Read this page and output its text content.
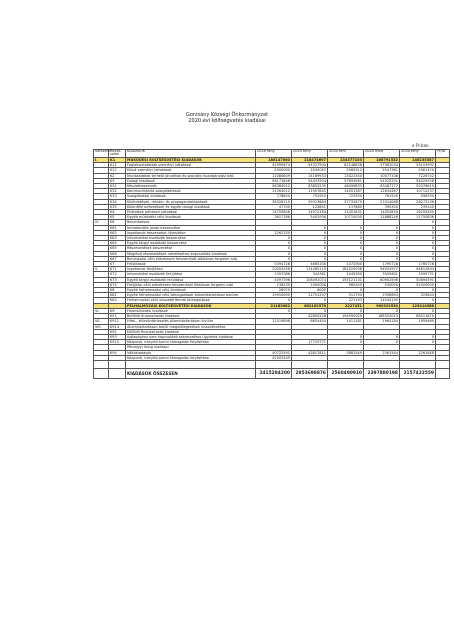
Gorzsány Községi Önkormányzat
2020.évi költségvetés kiadásai
e Ft-ban
Sorszám	Rovat-szám	KIADÁSOK	2018 tény	2019 tény	2020 terv	2020 mód	2020 tény	Ft/fő
I.	K1	MŰKÖDÉSI KÖLTSÉGVETÉSI KIADÁSOK	186147000	218474697	234377103	168791532	148235587	
	K11	Foglalkoztatottak személyi juttatásai	42995674	54327900	62148838	37362034	29103992	
	K12	Külső személyi juttatások	2500000	2540041	2565512	2547561	2561470	
	K2	Munkaadókat terhelő járulékok és szociális hozzájárulási adó	11085809	14189933	13022340	10077108	7226742	
	K3	Dologi kiadások	58171846	54433504	57694561	54325201	54029258	
	K31	Készletbeszerzés	56384912	63852535	46099833	63487772	55076615	
	K32	Kommunikációs szolgáltatások	11264012	11957845	14051387	12634467	10712237	
	K33	Szolgáltatási kiadások	778650	752953	723300	781500	596330	
	K34	Kiküldetések, reklám- és propagandakiadások	36328110	39313684	37732670	27414068	26273136	
	K35	Különféle befizetések és egyéb dologi kiadások	47700	123851	137680	390300	239140	
	K4	Ellátottak pénzbeli juttatásai	14755848	14972184	11451631	14052840	16255455	
	K5	Egyéb működési célú kiadások	3617766	5403936	10715050	11868246	11750836	
IV.	K6	Beruházások					0	
	K61	Immateriális javak beszerzése		0	0	0	0	
	K62	Ingatlanok beszerzése, létesítése	2262330	0	0	0	0	
	K63	Informatikai eszközök beszerzése	0	0	0	0	0	
	K64	Egyéb tárgyi eszközök beszerzése	0	0	0	0	0	
	K65	Részesedések beszerzése	0	0	0	0	0	
	K66	Meglévő részesedések növeléséhez kapcsolódó kiadások	0	0	0	0	0	
	K67	Beruházási célú előzetesen felszámított általános forgalmi adó	0	0	0	0	0	
	K7	Felújítások	5394728	4665200	1072900	1790728	1760728	
V.	K71	Ingatlanok felújítása	20054256	114465119	161029036	94932977	94812694	
	K72	Informatikai eszközök felújítása	2397086	344361	1045300	3505601	3595731	
	K73	Egyéb tárgyi eszközök felújítása	4097596	108492074	155121131	80902596	50894591	
	K74	Felújítási célú előzetesen felszámított általános forgalmi adó	238230	1000000	960349	530000	52000000	
	K8	Egyéb felhalmozási célú kiadások	26070	6000	0	0	0	
	K81	Egyéb felhalmozási célú támogatások államháztartáson belülre	19910000	12751257	511794	2396694	325844	
	K82	Felhalmozási célú visszatérítendő támogatások	0	0	221193	14045190	0	
		FELHALMOZÁSI KÖLTSÉGVETÉSI KIADÁSOK	21183062	662102578	2227451	960329530	125414568	
VI.	K9	Finanszírozási kiadások	0	0	0	0	0	
	K91	Belföldi finanszírozás kiadásai		42600226	194090029	188303015	86011870	
VII.	K911	Hitel-, kölcsöntörlesztés államháztartáson kívülre	11519898	6654454	1411181	1964184	1959460	
VIII.	K914	Államháztartáson belüli megelőlegezések visszafizetése						
	K92	Külföldi finanszírozás kiadásai						
	K93	Adóssághoz nem kapcsolódó származékos ügyletek kiadásai			0	0	0	
	K915	Központi, irányító szervi támogatás folyósítása		17725771	0	0	0	
		Pénzügyi lízing kiadásai						
	K94	Váltókiadások	40722591	42817811	5881549	2361544	2261648	
		Központi, irányító szervi támogatás folyósítása	42502545					

		KIADÁSOK ÖSSZESEN	2415284200	2853698876	2560490910	2397880198	2157422559	
